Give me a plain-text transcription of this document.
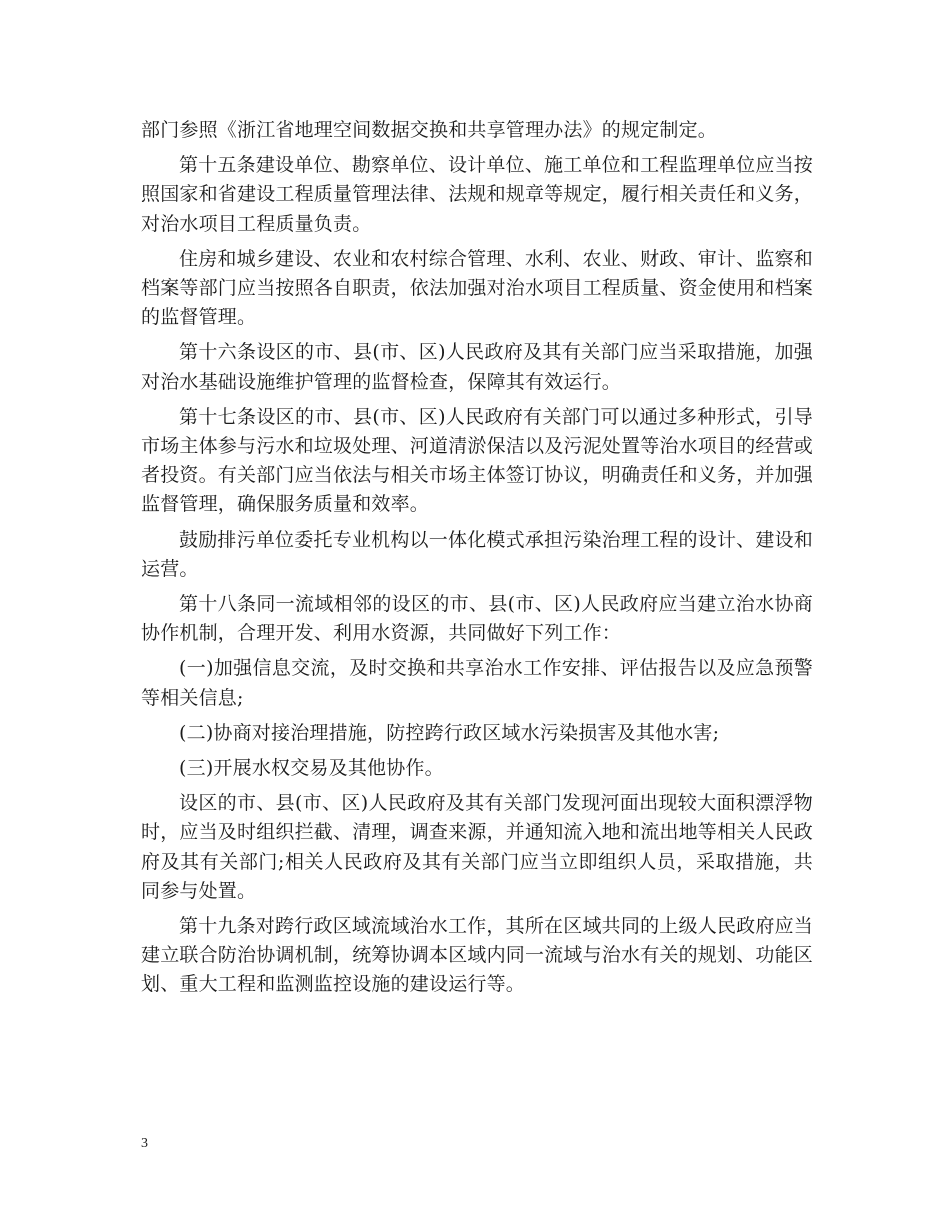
部门参照《浙江省地理空间数据交换和共享管理办法》的规定制定。

第十五条建设单位、勘察单位、设计单位、施工单位和工程监理单位应当按照国家和省建设工程质量管理法律、法规和规章等规定，履行相关责任和义务，对治水项目工程质量负责。

住房和城乡建设、农业和农村综合管理、水利、农业、财政、审计、监察和档案等部门应当按照各自职责，依法加强对治水项目工程质量、资金使用和档案的监督管理。

第十六条设区的市、县(市、区)人民政府及其有关部门应当采取措施，加强对治水基础设施维护管理的监督检查，保障其有效运行。

第十七条设区的市、县(市、区)人民政府有关部门可以通过多种形式，引导市场主体参与污水和垃圾处理、河道清淤保洁以及污泥处置等治水项目的经营或者投资。有关部门应当依法与相关市场主体签订协议，明确责任和义务，并加强监督管理，确保服务质量和效率。

鼓励排污单位委托专业机构以一体化模式承担污染治理工程的设计、建设和运营。

第十八条同一流域相邻的设区的市、县(市、区)人民政府应当建立治水协商协作机制，合理开发、利用水资源，共同做好下列工作：

(一)加强信息交流，及时交换和共享治水工作安排、评估报告以及应急预警等相关信息;

(二)协商对接治理措施，防控跨行政区域水污染损害及其他水害;

(三)开展水权交易及其他协作。

设区的市、县(市、区)人民政府及其有关部门发现河面出现较大面积漂浮物时，应当及时组织拦截、清理，调查来源，并通知流入地和流出地等相关人民政府及其有关部门;相关人民政府及其有关部门应当立即组织人员，采取措施，共同参与处置。

第十九条对跨行政区域流域治水工作，其所在区域共同的上级人民政府应当建立联合防治协调机制，统筹协调本区域内同一流域与治水有关的规划、功能区划、重大工程和监测监控设施的建设运行等。

3
